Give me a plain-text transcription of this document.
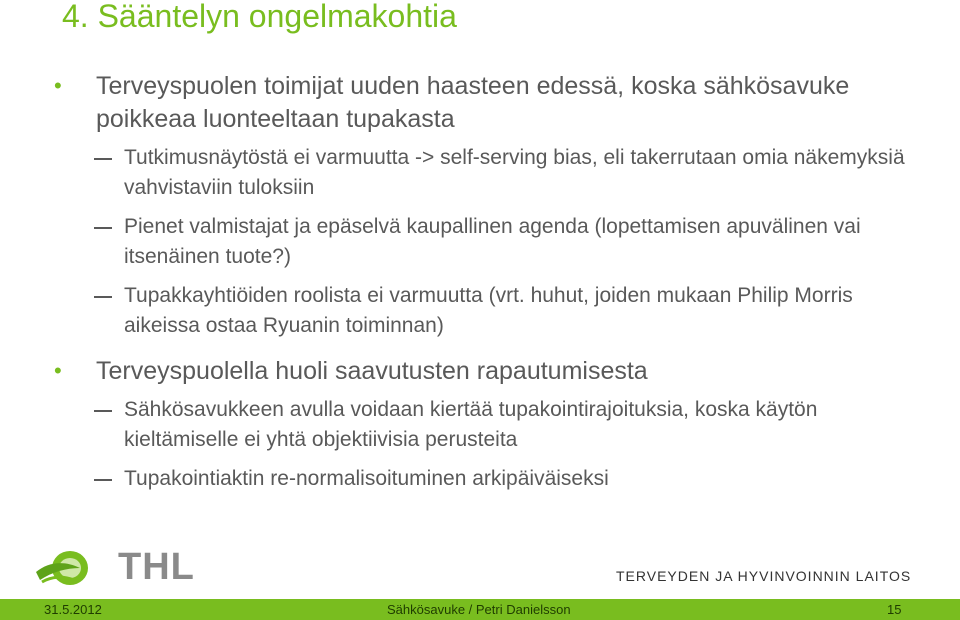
4. Sääntelyn ongelmakohtia
• Terveyspuolen toimijat uuden haasteen edessä, koska sähkösavuke poikkeaa luonteeltaan tupakasta
Tutkimusnäytöstä ei varmuutta -> self-serving bias, eli takerrutaan omia näkemyksiä vahvistaviin tuloksiin
Pienet valmistajat ja epäselvä kaupallinen agenda (lopettamisen apuvälinen vai itsenäinen tuote?)
Tupakkayhtiöiden roolista ei varmuutta (vrt. huhut, joiden mukaan Philip Morris aikeissa ostaa Ryuanin toiminnan)
• Terveyspuolella huoli saavutusten rapautumisesta
Sähkösavukkeen avulla voidaan kiertää tupakointirajoituksia, koska käytön kieltämiselle ei yhtä objektiivisia perusteita
Tupakointiaktin re-normalisoituminen arkipäiväiseksi
THL	TERVEYDEN JA HYVINVOINNIN LAITOS
31.5.2012	Sähkösavuke / Petri Danielsson	15
